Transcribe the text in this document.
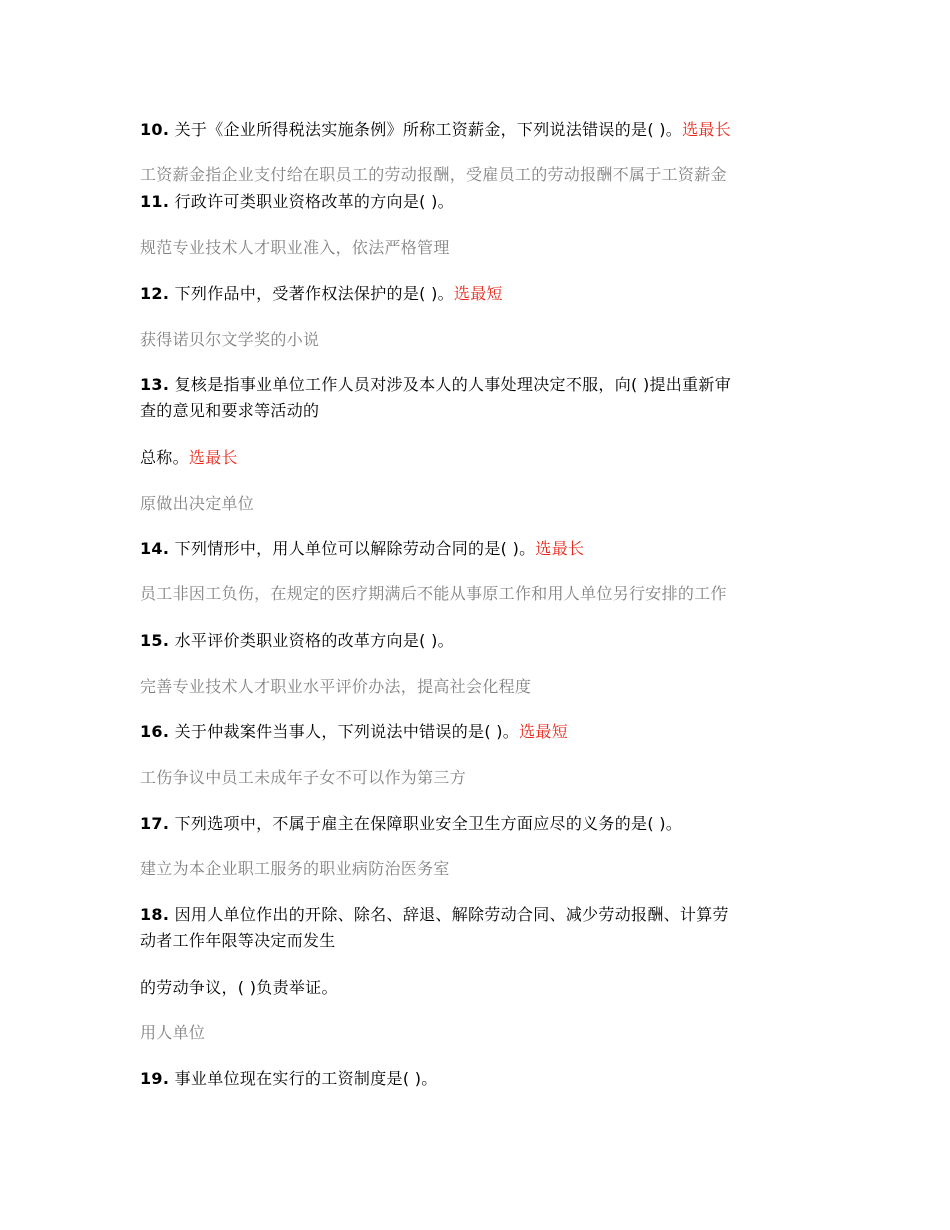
10. 关于《企业所得税法实施条例》所称工资薪金，下列说法错误的是( )。选最长
工资薪金指企业支付给在职员工的劳动报酬，受雇员工的劳动报酬不属于工资薪金
11. 行政许可类职业资格改革的方向是( )。
规范专业技术人才职业准入，依法严格管理
12. 下列作品中，受著作权法保护的是( )。选最短
获得诺贝尔文学奖的小说
13. 复核是指事业单位工作人员对涉及本人的人事处理决定不服，向( )提出重新审
查的意见和要求等活动的
总称。选最长
原做出决定单位
14. 下列情形中，用人单位可以解除劳动合同的是( )。选最长
员工非因工负伤，在规定的医疗期满后不能从事原工作和用人单位另行安排的工作
15. 水平评价类职业资格的改革方向是( )。
完善专业技术人才职业水平评价办法，提高社会化程度
16. 关于仲裁案件当事人，下列说法中错误的是( )。选最短
工伤争议中员工未成年子女不可以作为第三方
17. 下列选项中，不属于雇主在保障职业安全卫生方面应尽的义务的是( )。
建立为本企业职工服务的职业病防治医务室
18. 因用人单位作出的开除、除名、辞退、解除劳动合同、减少劳动报酬、计算劳
动者工作年限等决定而发生
的劳动争议，( )负责举证。
用人单位
19. 事业单位现在实行的工资制度是( )。
